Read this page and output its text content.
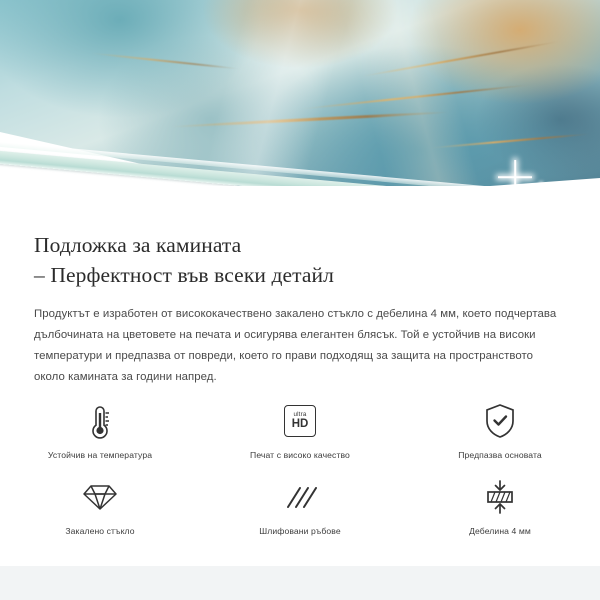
Подложка за камината
– Перфектност във всеки детайл

Продуктът е изработен от висококачествено закалено стъкло с дебелина 4 мм, което подчертава дълбочината на цветовете на печата и осигурява елегантен блясък. Той е устойчив на високи температури и предпазва от повреди, което го прави подходящ за защита на пространството около камината за години напред.

Устойчив на температура
ultra
HD
Печат с високо качество	Предпазва основата
Закалено стъкло	Шлифовани ръбове	Дебелина 4 мм
